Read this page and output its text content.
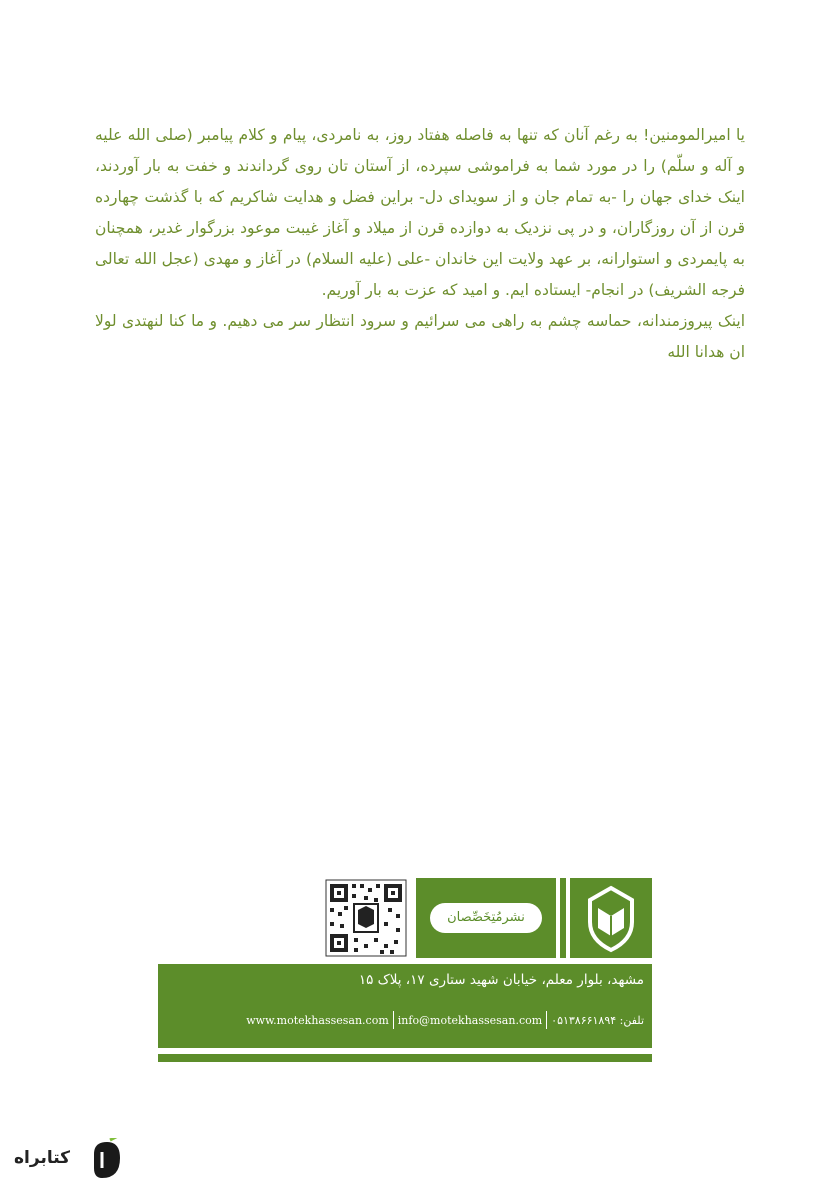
یا امیرالمومنین! به رغم آنان که تنها به فاصله هفتاد روز، به نامردی، پیام و کلام پیامبر (صلی الله علیه و آله و سلّم) را در مورد شما به فراموشی سپرده، از آستان تان روی گرداندند و خفت به بار آوردند، اینک خدای جهان را -به تمام جان و از سویدای دل- براین فضل و هدایت شاکریم که با گذشت چهارده قرن از آن روزگاران، و در پی نزدیک به دوازده قرن از میلاد و آغاز غیبت موعود بزرگوار غدیر، همچنان به پایمردی و استوارانه، بر عهد ولایت این خاندان -علی (علیه السلام) در آغاز و مهدی (عجل الله تعالی فرجه الشریف) در انجام- ایستاده ایم. و امید که عزت به بار آوریم.

اینک پیروزمندانه، حماسه چشم به راهی می سرائیم و سرود انتظار سر می دهیم. و ما کنا لنهتدی لولا ان هدانا الله

نشرمُتِخَصِّصان
مشهد، بلوار معلم، خیابان شهید ستاری ۱۷، پلاک ۱۵
تلفن: ۰۵۱۳۸۶۶۱۸۹۴
info@motekhassesan.com
www.motekhassesan.com
کتابراه
